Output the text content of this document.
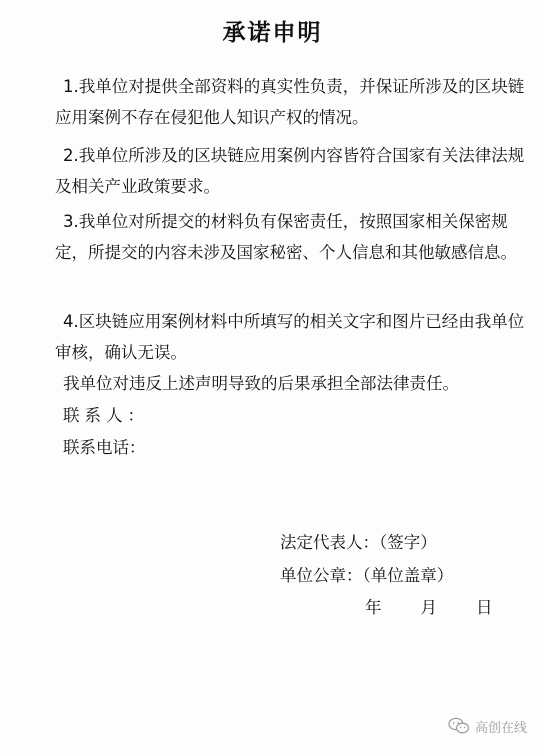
承诺申明
1.我单位对提供全部资料的真实性负责，并保证所涉及的区块链应用案例不存在侵犯他人知识产权的情况。
2.我单位所涉及的区块链应用案例内容皆符合国家有关法律法规及相关产业政策要求。
3.我单位对所提交的材料负有保密责任，按照国家相关保密规定，所提交的内容未涉及国家秘密、个人信息和其他敏感信息。
4.区块链应用案例材料中所填写的相关文字和图片已经由我单位审核，确认无误。
我单位对违反上述声明导致的后果承担全部法律责任。
联系人：
联系电话：
法定代表人：（签字）
单位公章：（单位盖章）
年　　月　　日
高创在线
